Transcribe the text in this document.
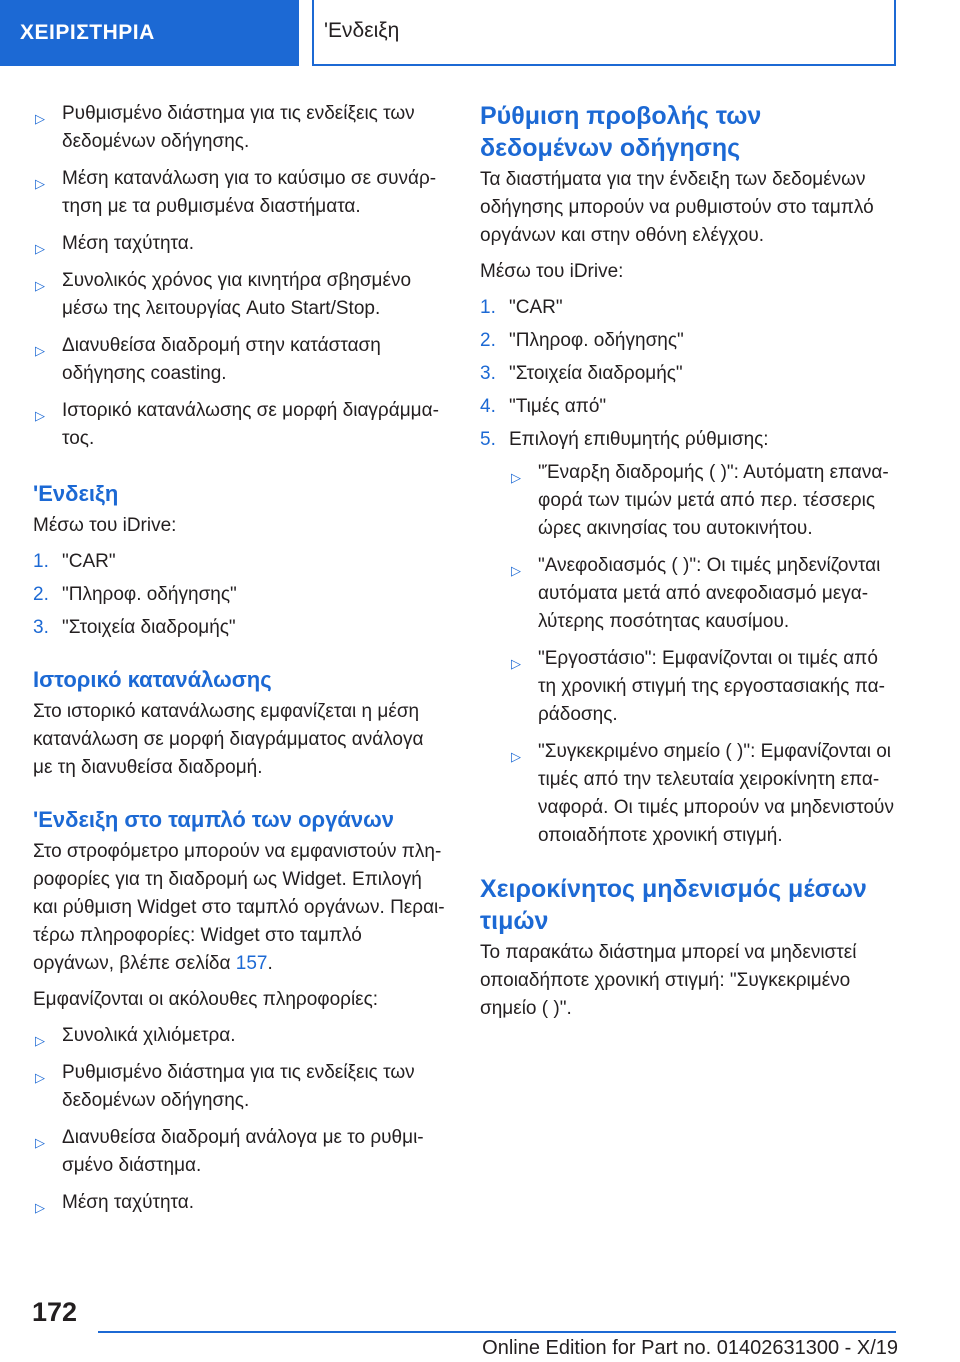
ΧΕΙΡΙΣΤΗΡΙΑ	'Ενδειξη
▷ Ρυθμισμένο διάστημα για τις ενδείξεις των δεδομένων οδήγησης.
▷ Μέση κατανάλωση για το καύσιμο σε συνάρ-τηση με τα ρυθμισμένα διαστήματα.
▷ Μέση ταχύτητα.
▷ Συνολικός χρόνος για κινητήρα σβησμένο μέσω της λειτουργίας Auto Start/Stop.
▷ Διανυθείσα διαδρομή στην κατάσταση οδήγησης coasting.
▷ Ιστορικό κατανάλωσης σε μορφή διαγράμμα-τος.
'Ενδειξη

Μέσω του iDrive:

1. "CAR"
2. "Πληροφ. οδήγησης"
3. "Στοιχεία διαδρομής"
Ιστορικό κατανάλωσης

Στο ιστορικό κατανάλωσης εμφανίζεται η μέση κατανάλωση σε μορφή διαγράμματος ανάλογα με τη διανυθείσα διαδρομή.

'Ενδειξη στο ταμπλό των οργάνων

Στο στροφόμετρο μπορούν να εμφανιστούν πλη-ροφορίες για τη διαδρομή ως Widget. Επιλογή και ρύθμιση Widget στο ταμπλό οργάνων. Περαι-τέρω πληροφορίες: Widget στο ταμπλό οργάνων, βλέπε σελίδα 157.

Εμφανίζονται οι ακόλουθες πληροφορίες:

▷ Συνολικά χιλιόμετρα.
▷ Ρυθμισμένο διάστημα για τις ενδείξεις των δεδομένων οδήγησης.
▷ Διανυθείσα διαδρομή ανάλογα με το ρυθμι-σμένο διάστημα.
▷ Μέση ταχύτητα.
Ρύθμιση προβολής των δεδομένων οδήγησης

Τα διαστήματα για την ένδειξη των δεδομένων οδήγησης μπορούν να ρυθμιστούν στο ταμπλό οργάνων και στην οθόνη ελέγχου.

Μέσω του iDrive:

1. "CAR"
2. "Πληροφ. οδήγησης"
3. "Στοιχεία διαδρομής"
4. "Τιμές από"
5. Επιλογή επιθυμητής ρύθμισης:
▷ "Έναρξη διαδρομής ( )": Αυτόματη επανα-φορά των τιμών μετά από περ. τέσσερις ώρες ακινησίας του αυτοκινήτου.
▷ "Ανεφοδιασμός ( )": Οι τιμές μηδενίζονται αυτόματα μετά από ανεφοδιασμό μεγα-λύτερης ποσότητας καυσίμου.
▷ "Εργοστάσιο": Εμφανίζονται οι τιμές από τη χρονική στιγμή της εργοστασιακής πα-ράδοσης.
▷ "Συγκεκριμένο σημείο ( )": Εμφανίζονται οι τιμές από την τελευταία χειροκίνητη επα-ναφορά. Οι τιμές μπορούν να μηδενιστούν οποιαδήποτε χρονική στιγμή.
Χειροκίνητος μηδενισμός μέσων τιμών

Το παρακάτω διάστημα μπορεί να μηδενιστεί οποιαδήποτε χρονική στιγμή: "Συγκεκριμένο σημείο ( )".

172
Online Edition for Part no. 01402631300 - X/19
